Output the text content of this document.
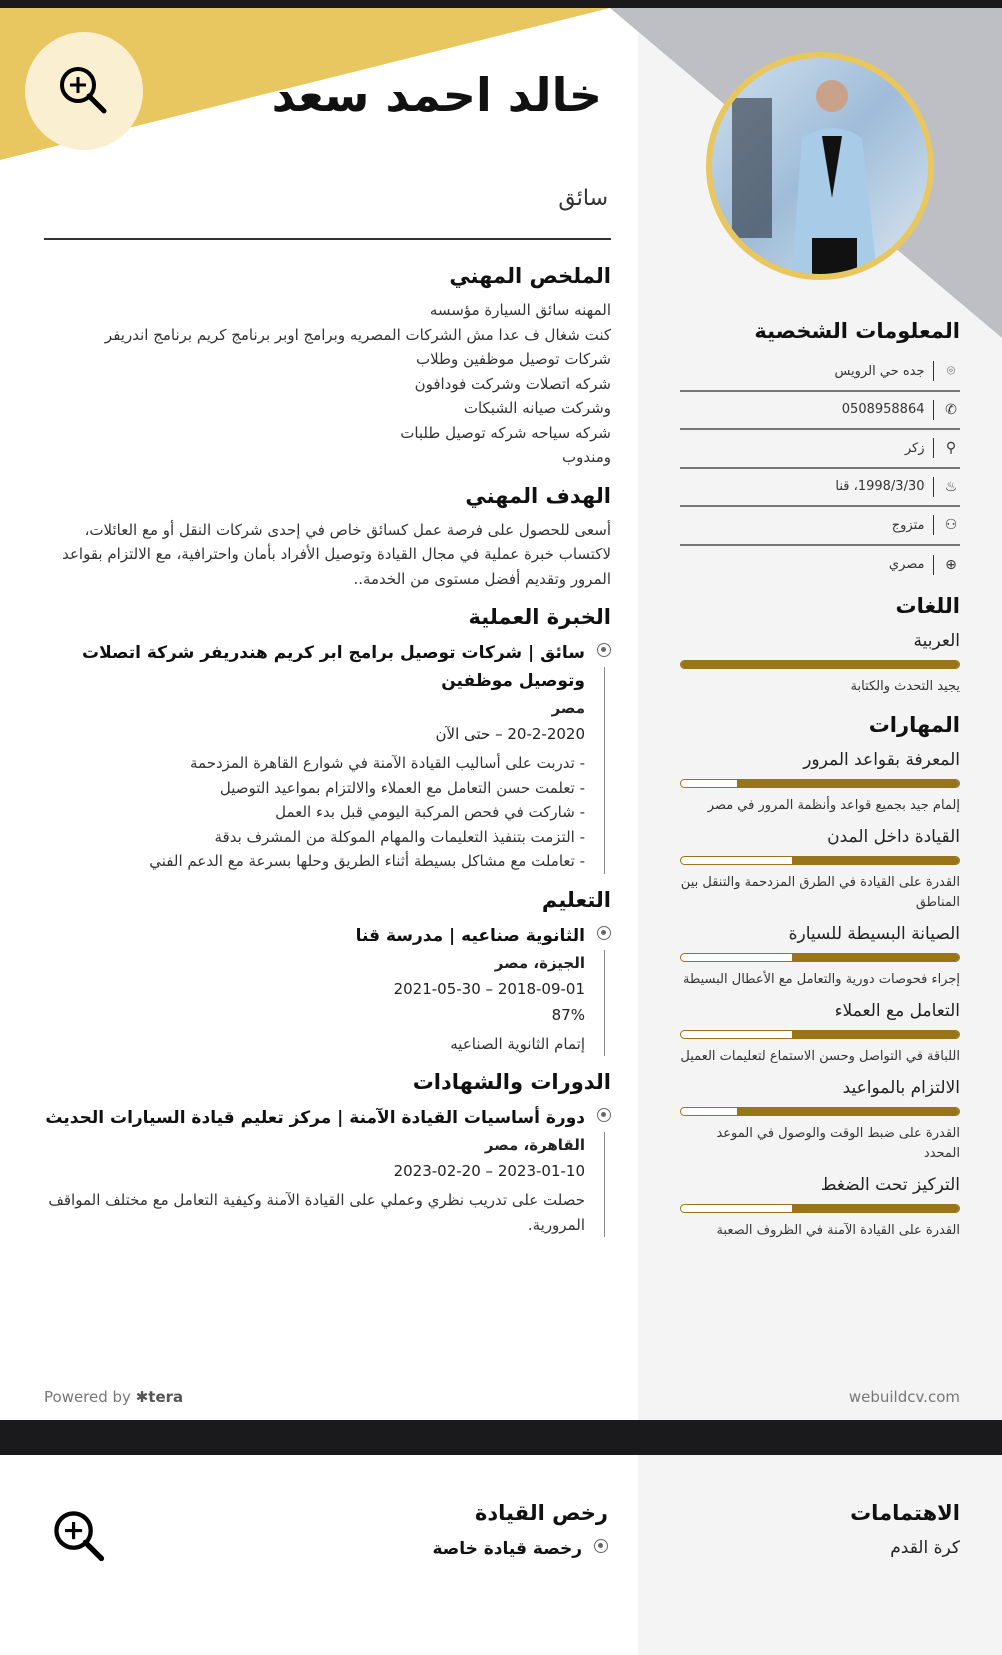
خالد احمد سعد
سائق
الملخص المهني
المهنه سائق السيارة مؤسسه
كنت شغال ف عدا مش الشركات المصريه وبرامج اوبر برنامج كريم برنامج اندريفر
شركات توصيل موظفين وطلاب
شركه اتصلات وشركت فودافون
وشركت صيانه الشبكات
شركه سياحه شركه توصيل طلبات
ومندوب
الهدف المهني
أسعى للحصول على فرصة عمل كسائق خاص في إحدى شركات النقل أو مع العائلات، لاكتساب خبرة عملية في مجال القيادة وتوصيل الأفراد بأمان واحترافية، مع الالتزام بقواعد المرور وتقديم أفضل مستوى من الخدمة..
الخبرة العملية
سائق | شركات توصيل برامج ابر كريم هندريفر شركة اتصلات وتوصيل موظفين
مصر
20-2-2020 – حتى الآن
- تدربت على أساليب القيادة الآمنة في شوارع القاهرة المزدحمة
- تعلمت حسن التعامل مع العملاء والالتزام بمواعيد التوصيل
- شاركت في فحص المركبة اليومي قبل بدء العمل
- التزمت بتنفيذ التعليمات والمهام الموكلة من المشرف بدقة
- تعاملت مع مشاكل بسيطة أثناء الطريق وحلها بسرعة مع الدعم الفني
التعليم
الثانوية صناعيه | مدرسة قنا
الجيزة، مصر
2018-09-01 – 2021-05-30
87%
إتمام الثانوية الصناعيه
الدورات والشهادات
دورة أساسيات القيادة الآمنة | مركز تعليم قيادة السيارات الحديث
القاهرة، مصر
2023-01-10 – 2023-02-20
حصلت على تدريب نظري وعملي على القيادة الآمنة وكيفية التعامل مع مختلف المواقف المرورية.
المعلومات الشخصية
⌾
جده حي الرويس
✆
0508958864
⚲
زكر
♨
1998/3/30، قنا
⚇
متزوج
⊕
مصري
اللغات
العربية
يجيد التحدث والكتابة
المهارات
المعرفة بقواعد المرور
إلمام جيد بجميع قواعد وأنظمة المرور في مصر
القيادة داخل المدن
القدرة على القيادة في الطرق المزدحمة والتنقل بين المناطق
الصيانة البسيطة للسيارة
إجراء فحوصات دورية والتعامل مع الأعطال البسيطة
التعامل مع العملاء
اللباقة في التواصل وحسن الاستماع لتعليمات العميل
الالتزام بالمواعيد
القدرة على ضبط الوقت والوصول في الموعد المحدد
التركيز تحت الضغط
القدرة على القيادة الآمنة في الظروف الصعبة
Powered by ✱tera	webuildcv.com
رخص القيادة
رخصة قيادة خاصة
الاهتمامات
كرة القدم
